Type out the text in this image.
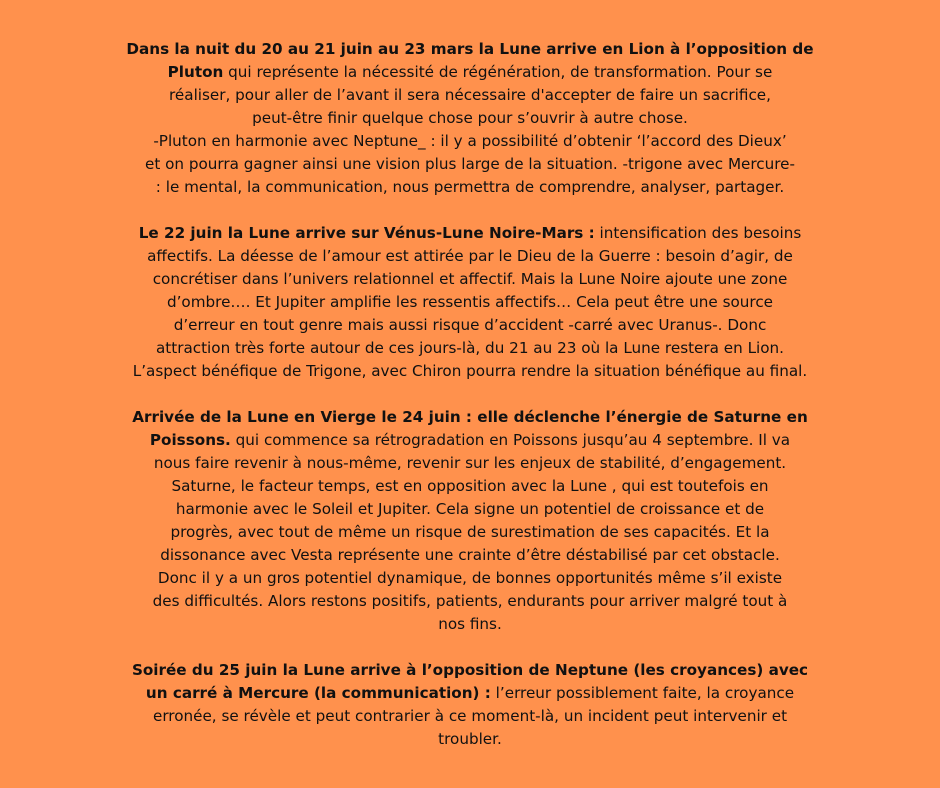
Dans la nuit du 20 au 21 juin au 23 mars la Lune arrive en Lion à l’opposition de
Pluton qui représente la nécessité de régénération, de transformation. Pour se
réaliser, pour aller de l’avant il sera nécessaire d'accepter de faire un sacrifice,
peut-être finir quelque chose pour s’ouvrir à autre chose.
-Pluton en harmonie avec Neptune_ : il y a possibilité d’obtenir ‘l’accord des Dieux’
et on pourra gagner ainsi une vision plus large de la situation. -trigone avec Mercure-
: le mental, la communication, nous permettra de comprendre, analyser, partager.
Le 22 juin la Lune arrive sur Vénus-Lune Noire-Mars : intensification des besoins
affectifs. La déesse de l’amour est attirée par le Dieu de la Guerre : besoin d’agir, de
concrétiser dans l’univers relationnel et affectif. Mais la Lune Noire ajoute une zone
d’ombre…. Et Jupiter amplifie les ressentis affectifs… Cela peut être une source
d’erreur en tout genre mais aussi risque d’accident -carré avec Uranus-. Donc
attraction très forte autour de ces jours-là, du 21 au 23 où la Lune restera en Lion.
L’aspect bénéfique de Trigone, avec Chiron pourra rendre la situation bénéfique au final.
Arrivée de la Lune en Vierge le 24 juin : elle déclenche l’énergie de Saturne en
Poissons. qui commence sa rétrogradation en Poissons jusqu’au 4 septembre. Il va
nous faire revenir à nous-même, revenir sur les enjeux de stabilité, d’engagement.
Saturne, le facteur temps, est en opposition avec la Lune , qui est toutefois en
harmonie avec le Soleil et Jupiter. Cela signe un potentiel de croissance et de
progrès, avec tout de même un risque de surestimation de ses capacités. Et la
dissonance avec Vesta représente une crainte d’être déstabilisé par cet obstacle.
Donc il y a un gros potentiel dynamique, de bonnes opportunités même s’il existe
des difficultés. Alors restons positifs, patients, endurants pour arriver malgré tout à
nos fins.
Soirée du 25 juin la Lune arrive à l’opposition de Neptune (les croyances) avec
un carré à Mercure (la communication) : l’erreur possiblement faite, la croyance
erronée, se révèle et peut contrarier à ce moment-là, un incident peut intervenir et
troubler.
